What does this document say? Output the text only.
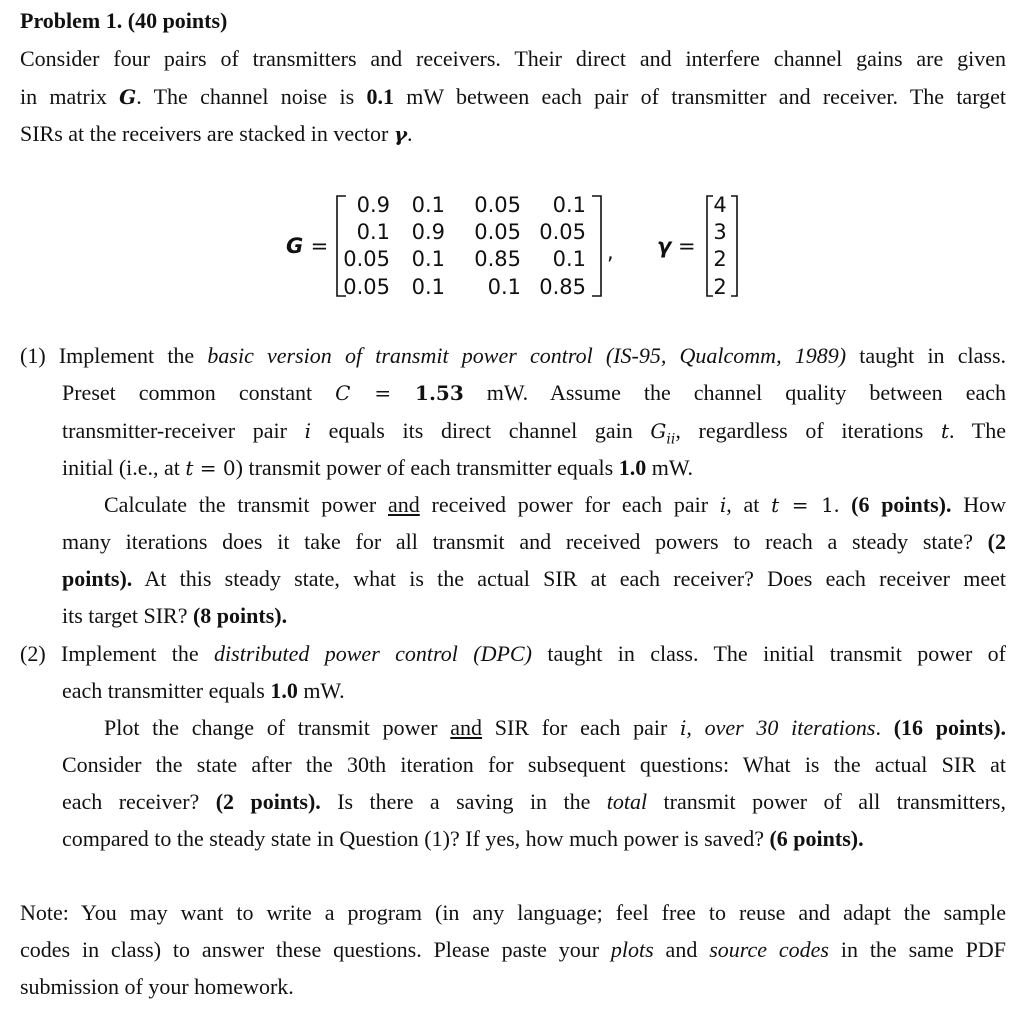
Problem 1. (40 points)
Consider four pairs of transmitters and receivers. Their direct and interfere channel gains are given
in matrix G. The channel noise is 0.1 mW between each pair of transmitter and receiver. The target
SIRs at the receivers are stacked in vector γ.
G =
0.9	0.1	0.05	0.1
0.1	0.9	0.05 0.05
0.05	0.1	0.85	0.1
0.05	0.1	0.1 0.85
, γ =
4
3
2
2
(1) Implement the basic version of transmit power control (IS-95, Qualcomm, 1989) taught in class.
Preset common constant C = 1.53 mW. Assume the channel quality between each
transmitter-receiver pair i equals its direct channel gain $G_{ii}$, regardless of iterations t. The
initial (i.e., at t = 0) transmit power of each transmitter equals 1.0 mW.
Calculate the transmit power and received power for each pair i, at t = 1. (6 points). How
many iterations does it take for all transmit and received powers to reach a steady state? (2
points). At this steady state, what is the actual SIR at each receiver? Does each receiver meet
its target SIR? (8 points).
(2) Implement the distributed power control (DPC) taught in class. The initial transmit power of
each transmitter equals 1.0 mW.
Plot the change of transmit power and SIR for each pair i, over 30 iterations. (16 points).
Consider the state after the 30th iteration for subsequent questions: What is the actual SIR at
each receiver? (2 points). Is there a saving in the total transmit power of all transmitters,
compared to the steady state in Question (1)? If yes, how much power is saved? (6 points).
Note: You may want to write a program (in any language; feel free to reuse and adapt the sample
codes in class) to answer these questions. Please paste your plots and source codes in the same PDF
submission of your homework.
